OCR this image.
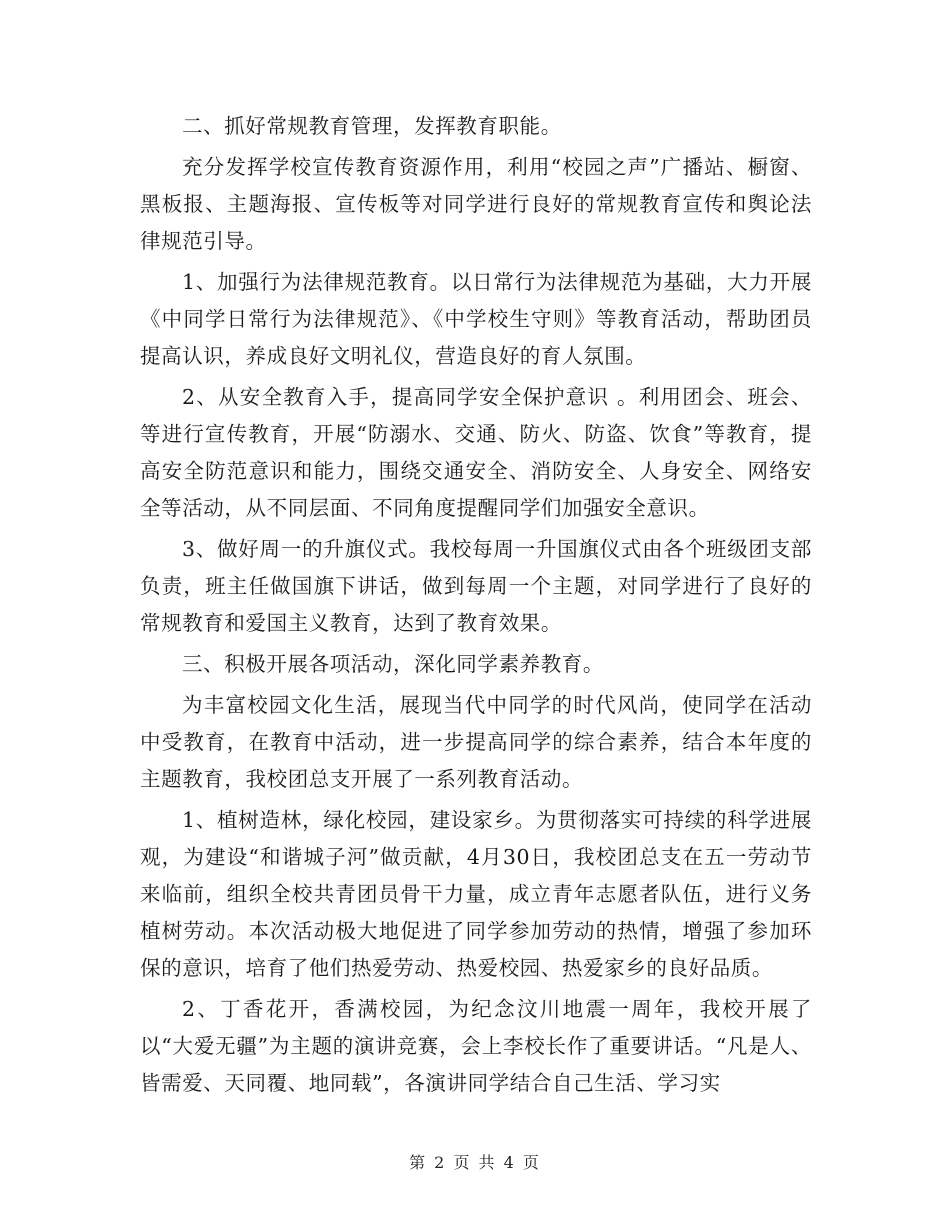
二、抓好常规教育管理，发挥教育职能。

充分发挥学校宣传教育资源作用，利用“校园之声”广播站、橱窗、黑板报、主题海报、宣传板等对同学进行良好的常规教育宣传和舆论法律规范引导。

1、加强行为法律规范教育。以日常行为法律规范为基础，大力开展《中同学日常行为法律规范》、《中学校生守则》等教育活动，帮助团员提高认识，养成良好文明礼仪，营造良好的育人氛围。

2、从安全教育入手，提高同学安全保护意识 。利用团会、班会、等进行宣传教育，开展“防溺水、交通、防火、防盗、饮食”等教育，提高安全防范意识和能力，围绕交通安全、消防安全、人身安全、网络安全等活动，从不同层面、不同角度提醒同学们加强安全意识。

3、做好周一的升旗仪式。我校每周一升国旗仪式由各个班级团支部负责，班主任做国旗下讲话，做到每周一个主题，对同学进行了良好的常规教育和爱国主义教育，达到了教育效果。

三、积极开展各项活动，深化同学素养教育。

为丰富校园文化生活，展现当代中同学的时代风尚，使同学在活动中受教育，在教育中活动，进一步提高同学的综合素养，结合本年度的主题教育，我校团总支开展了一系列教育活动。

1、植树造林，绿化校园，建设家乡。为贯彻落实可持续的科学进展观，为建设“和谐城子河”做贡献，4月30日，我校团总支在五一劳动节来临前，组织全校共青团员骨干力量，成立青年志愿者队伍，进行义务植树劳动。本次活动极大地促进了同学参加劳动的热情，增强了参加环保的意识，培育了他们热爱劳动、热爱校园、热爱家乡的良好品质。

2、丁香花开，香满校园，为纪念汶川地震一周年，我校开展了以“大爱无疆”为主题的演讲竞赛，会上李校长作了重要讲话。“凡是人、皆需爱、天同覆、地同载”，各演讲同学结合自己生活、学习实

第 2 页 共 4 页
